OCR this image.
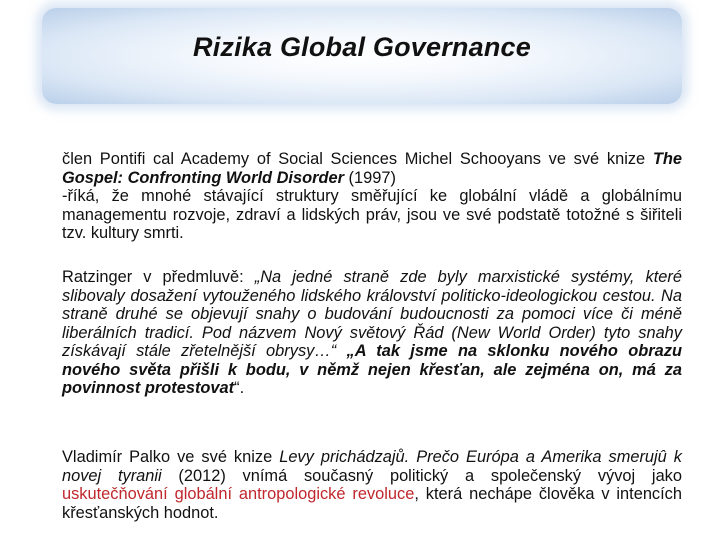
Rizika Global Governance

člen Pontifi cal Academy of Social Sciences Michel Schooyans ve své knize The Gospel: Confronting World Disorder (1997)
-říká, že mnohé stávající struktury směřující ke globální vládě a globálnímu managementu rozvoje, zdraví a lidských práv, jsou ve své podstatě totožné s šiřiteli tzv. kultury smrti.

Ratzinger v předmluvě: „Na jedné straně zde byly marxistické systémy, které slibovaly dosažení vytouženého lidského království politicko-ideologickou cestou. Na straně druhé se objevují snahy o budování budoucnosti za pomoci více či méně liberálních tradicí. Pod názvem Nový světový Řád (New World Order) tyto snahy získávají stále zřetelnější obrysy…“ „A tak jsme na sklonku nového obrazu nového světa přišli k bodu, v němž nejen křesťan, ale zejména on, má za povinnost protestovat“.

Vladimír Palko ve své knize Levy prichádzajů. Prečo Európa a Amerika smerujû k novej tyranii (2012) vnímá současný politický a společenský vývoj jako uskutečňování globální antropologické revoluce, která nechápe člověka v intencích křesťanských hodnot.
